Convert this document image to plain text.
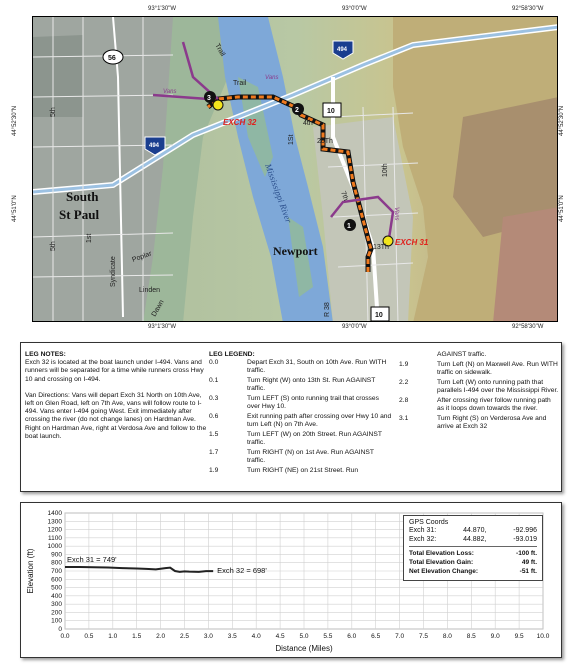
93°1'30"W	93°0'0"W	92°58'30"W
93°1'30"W	93°0'0"W	92°58'30"W
44°52'30"N
44°51'0"N
44°52'30"N
44°51'0"N
South
St Paul
Newport
Mississippi River
5th
5th
1st
Syndicate Poplar
Linden
Dawn
Trail
Trail
4th
20Th
1St
7th
10th
13Th
R 38
56
494
494
10
10
1
2
3
EXCH 32
EXCH 31
Vans
Vans
Vans
LEG NOTES:
Exch 32 is located at the boat launch under I-494. Vans and runners will be separated for a time while runners cross Hwy 10 and crossing on I-494.
Van Directions: Vans will depart Exch 31 North on 10th Ave, left on Glen Road, left on 7th Ave, vans will follow route to I-494. Vans enter I-494 going West. Exit immediately after crossing the river (do not change lanes) on Hardman Ave. Right on Hardman Ave, right at Verdosa Ave and follow to the boat launch.
LEG LEGEND:
0.0	Depart Exch 31, South on 10th Ave. Run WITH traffic.
0.1	Turn Right (W) onto 13th St. Run AGAINST traffic.
0.3	Turn LEFT (S) onto running trail that crosses over Hwy 10.
0.6	Exit running path after crossing over Hwy 10 and turn Left (N) on 7th Ave.
1.5	Turn LEFT (W) on 20th Street. Run AGAINST traffic.
1.7	Turn RIGHT (N) on 1st Ave. Run AGAINST traffic.
1.9	Turn RIGHT (NE) on 21st Street. Run
AGAINST traffic.
1.9	Turn Left (N) on Maxwell Ave. Run WITH traffic on sidewalk.
2.2	Turn Left (W) onto running path that parallels I-494 over the Mississippi River.
2.8	After crossing river follow running path as it loops down towards the river.
3.1	Turn Right (S) on Verderosa Ave and arrive at Exch 32
0.0 0.5 1.0 1.5 2.0 2.5 3.0 3.5 4.0 4.5 5.0 5.5 6.0 6.5 7.0 7.5 8.0 8.5 9.0 9.5 10.0
0
100
200
300
400
500
600
700
800
900
1000
1100
1200
1300
1400
Distance (Miles)
Elevation (ft)	Exch 31 = 749'
Exch 32 = 698'
GPS Coords
Exch 31:	44.870,	-92.996
Exch 32:	44.882,	-93.019
Total Elevation Loss:	-100 ft.
Total Elevation Gain:	49 ft.
Net Elevation Change:	-51 ft.
